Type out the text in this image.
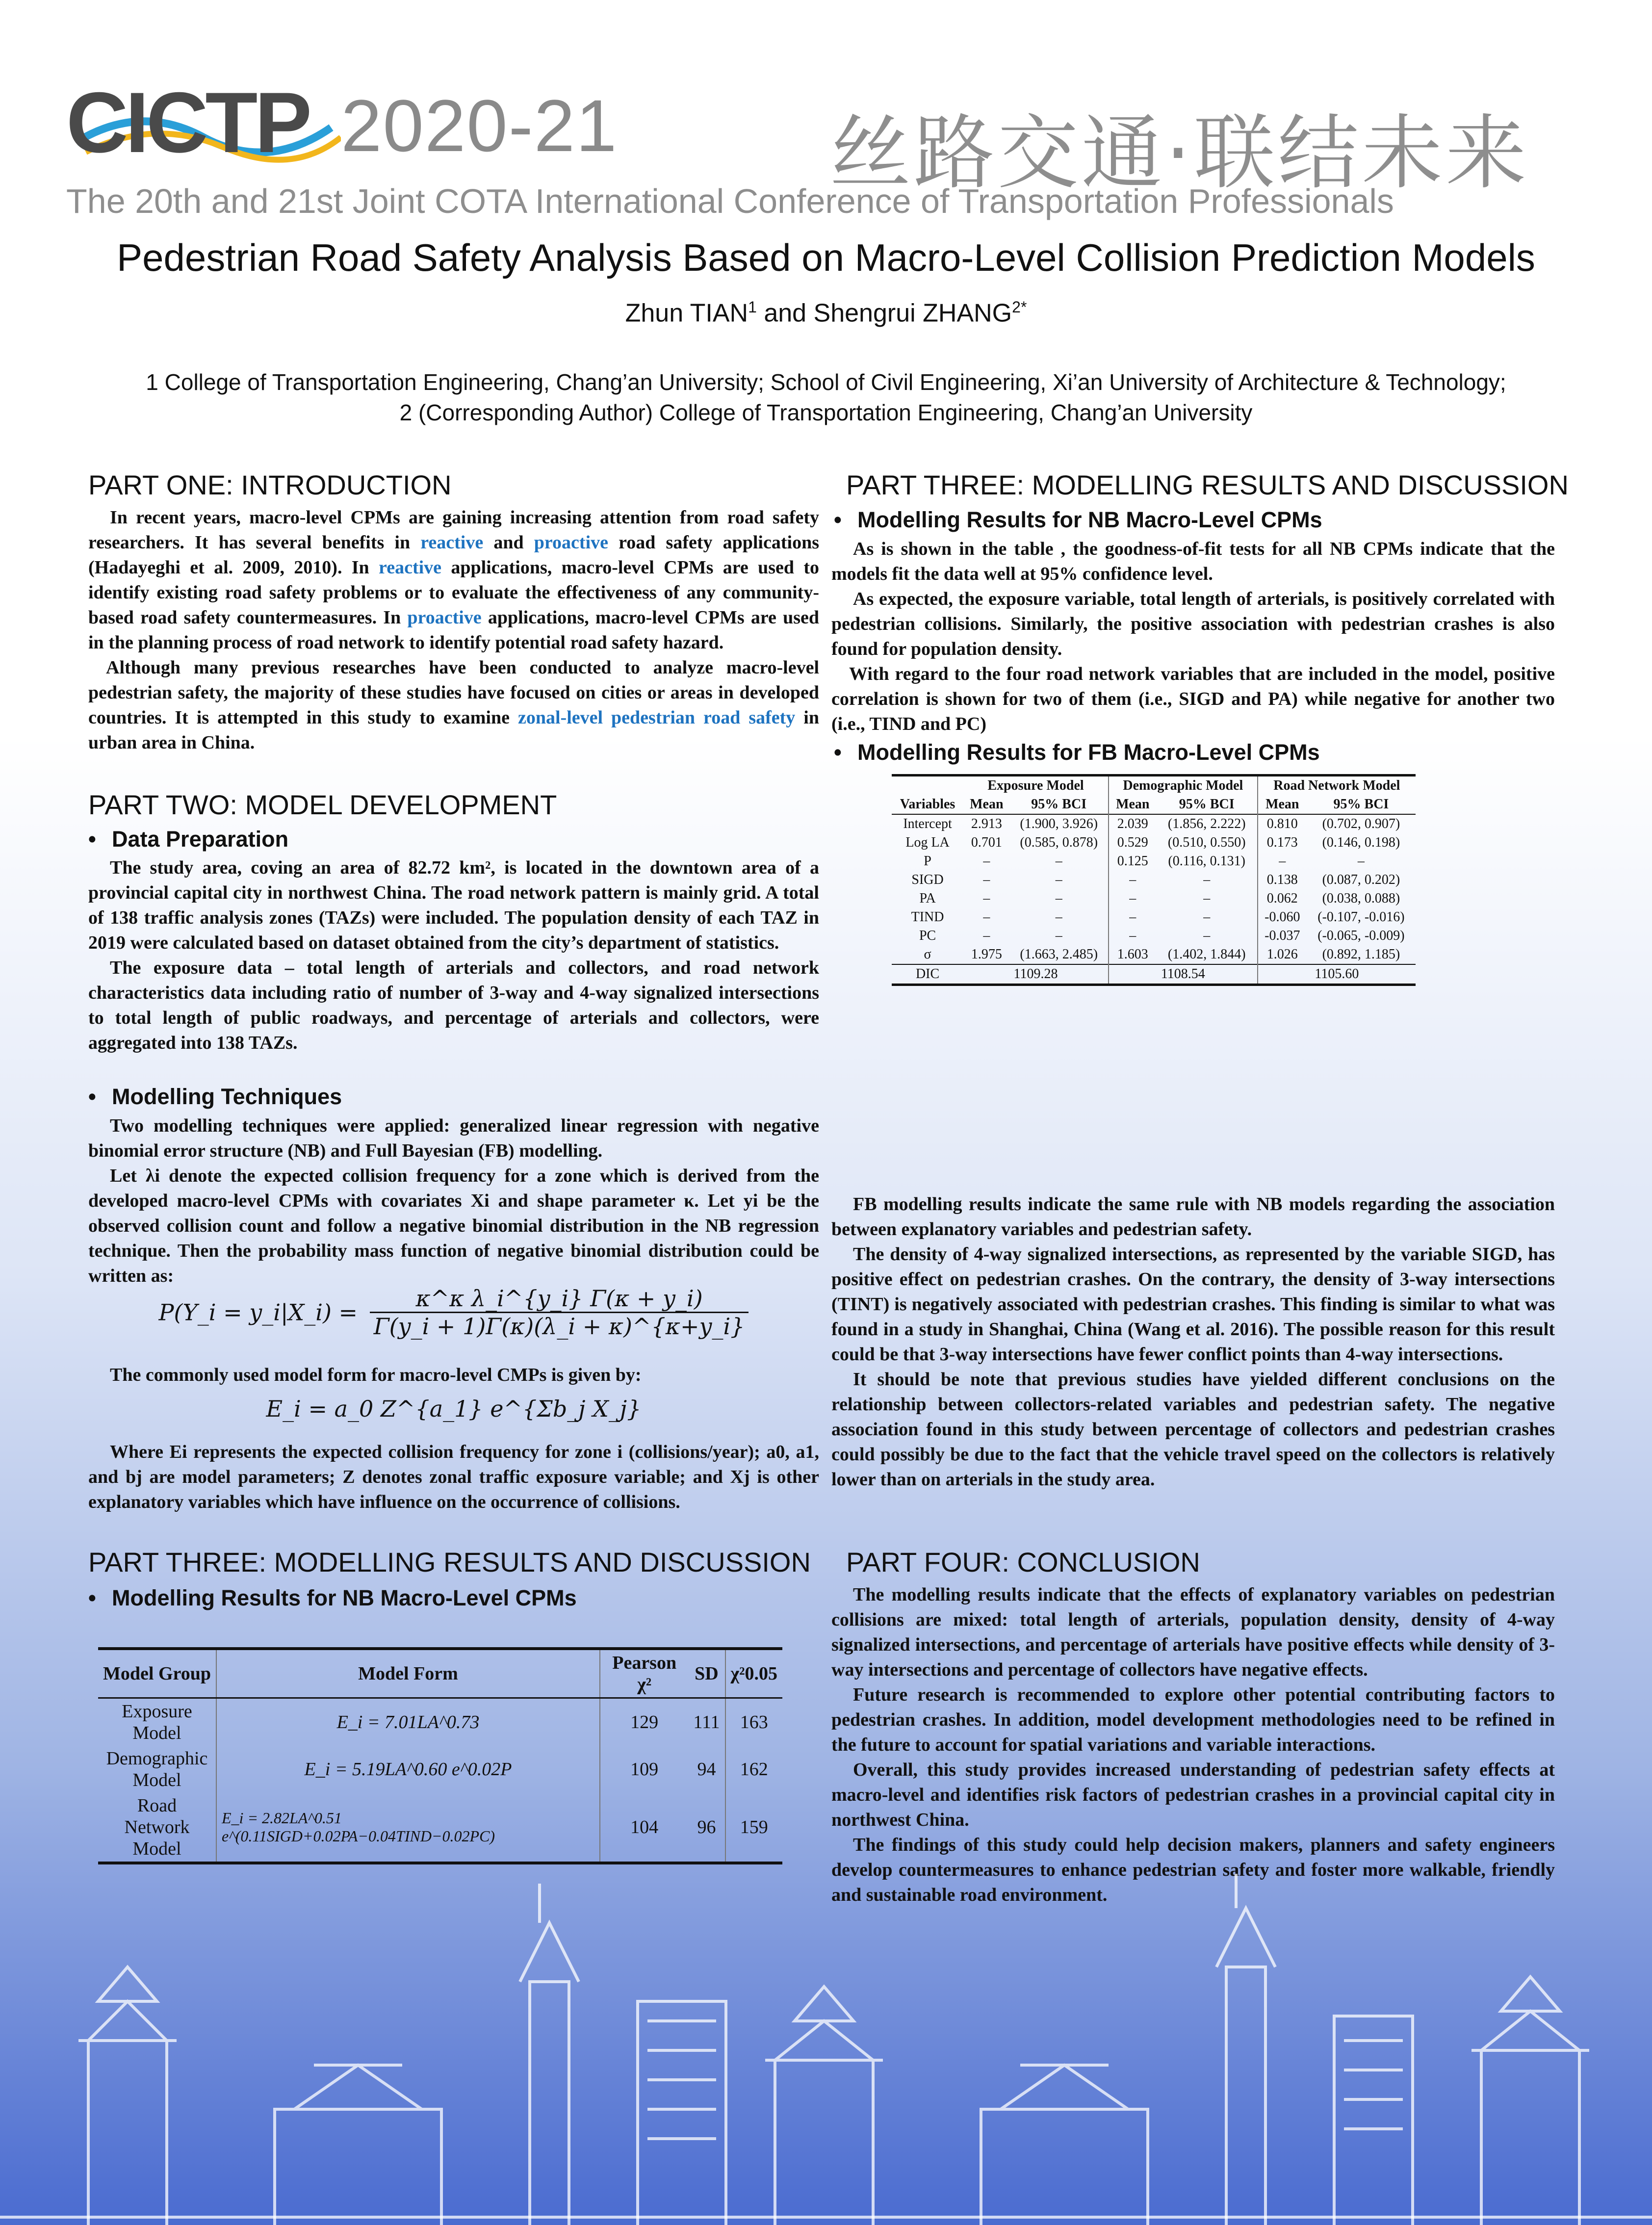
CICTP 2020-21	丝路交通·联结未来
The 20th and 21st Joint COTA International Conference of Transportation Professionals
Pedestrian Road Safety Analysis Based on Macro-Level Collision Prediction Models
Zhun TIAN$^1$ and Shengrui $ZHANG^{2*}$
1 College of Transportation Engineering, Chang’an University; School of Civil Engineering, Xi’an University of Architecture & Technology;
2 (Corresponding Author) College of Transportation Engineering, Chang’an University
PART ONE: INTRODUCTION

In recent years, macro-level CPMs are gaining increasing attention from road safety researchers. It has several benefits in reactive and proactive road safety applications (Hadayeghi et al. 2009, 2010). In reactive applications, macro-level CPMs are used to identify existing road safety problems or to evaluate the effectiveness of any community-based road safety countermeasures. In proactive applications, macro-level CPMs are used in the planning process of road network to identify potential road safety hazard.

Although many previous researches have been conducted to analyze macro-level pedestrian safety, the majority of these studies have focused on cities or areas in developed countries. It is attempted in this study to examine zonal-level pedestrian road safety in urban area in China.

PART TWO: MODEL DEVELOPMENT
• Data Preparation

The study area, coving an area of 82.72 km², is located in the downtown area of a provincial capital city in northwest China. The road network pattern is mainly grid. A total of 138 traffic analysis zones (TAZs) were included. The population density of each TAZ in 2019 were calculated based on dataset obtained from the city’s department of statistics.

The exposure data – total length of arterials and collectors, and road network characteristics data including ratio of number of 3-way and 4-way signalized intersections to total length of public roadways, and percentage of arterials and collectors, were aggregated into 138 TAZs.

• Modelling Techniques

Two modelling techniques were applied: generalized linear regression with negative binomial error structure (NB) and Full Bayesian (FB) modelling.

Let λi denote the expected collision frequency for a zone which is derived from the developed macro-level CPMs with covariates Xi and shape parameter κ. Let yi be the observed collision count and follow a negative binomial distribution in the NB regression technique. Then the probability mass function of negative binomial distribution could be written as:

P(Y_i = y_i|X_i) = $\frac{\text{κ\textasciicircum{}κ λ\_i\textasciicircum{}\{y\_i\} Γ(κ + y\_i)}}{\Gamma(y\_i + 1)\Gamma(\kappa)(\lambda\_i + \kappa)\^{}\{\kappa+y\_i\}}$

The commonly used model form for macro-level CMPs is given by:

E_i = a_0 Z^{a_1} e^{Σb_j X_j}

Where Ei represents the expected collision frequency for zone i (collisions/year); a0, a1, and bj are model parameters; Z denotes zonal traffic exposure variable; and Xj is other explanatory variables which have influence on the occurrence of collisions.

PART THREE: MODELLING RESULTS AND DISCUSSION
• Modelling Results for NB Macro-Level CPMs
Model Group	Model Form	Pearson χ²	SD	χ²0.05
Exposure Model	E_i = 7.01LA^0.73	129	111	163
Demographic Model	E_i = 5.19LA^0.60 e^0.02P	109	94	162
Road Network Model	E_i = 2.82LA^0.51 e^(0.11SIGD+0.02PA−0.04TIND−0.02PC)	104	96	159
PART THREE: MODELLING RESULTS AND DISCUSSION
• Modelling Results for NB Macro-Level CPMs

As is shown in the table , the goodness-of-fit tests for all NB CPMs indicate that the models fit the data well at 95% confidence level.

As expected, the exposure variable, total length of arterials, is positively correlated with pedestrian collisions. Similarly, the positive association with pedestrian crashes is also found for population density.

With regard to the four road network variables that are included in the model, positive correlation is shown for two of them (i.e., SIGD and PA) while negative for another two (i.e., TIND and PC)

• Modelling Results for FB Macro-Level CPMs
Variables	Exposure Model		Demographic Model		Road Network Model	
	Mean	95% BCI	Mean	95% BCI	Mean	95% BCI
Intercept	2.913	(1.900, 3.926)	2.039	(1.856, 2.222)	0.810	(0.702, 0.907)
Log LA	0.701	(0.585, 0.878)	0.529	(0.510, 0.550)	0.173	(0.146, 0.198)
P	–	–	0.125	(0.116, 0.131)	–	–
SIGD	–	–	–	–	0.138	(0.087, 0.202)
PA	–	–	–	–	0.062	(0.038, 0.088)
TIND	–	–	–	–	-0.060	(-0.107, -0.016)
PC	–	–	–	–	-0.037	(-0.065, -0.009)
σ	1.975	(1.663, 2.485)	1.603	(1.402, 1.844)	1.026	(0.892, 1.185)
DIC	1109.28		1108.54		1105.60	

FB modelling results indicate the same rule with NB models regarding the association between explanatory variables and pedestrian safety.

The density of 4-way signalized intersections, as represented by the variable SIGD, has positive effect on pedestrian crashes. On the contrary, the density of 3-way intersections (TINT) is negatively associated with pedestrian crashes. This finding is similar to what was found in a study in Shanghai, China (Wang et al. 2016). The possible reason for this result could be that 3-way intersections have fewer conflict points than 4-way intersections.

It should be note that previous studies have yielded different conclusions on the relationship between collectors-related variables and pedestrian safety. The negative association found in this study between percentage of collectors and pedestrian crashes could possibly be due to the fact that the vehicle travel speed on the collectors is relatively lower than on arterials in the study area.

PART FOUR: CONCLUSION

The modelling results indicate that the effects of explanatory variables on pedestrian collisions are mixed: total length of arterials, population density, density of 4-way signalized intersections, and percentage of arterials have positive effects while density of 3-way intersections and percentage of collectors have negative effects.

Future research is recommended to explore other potential contributing factors to pedestrian crashes. In addition, model development methodologies need to be refined in the future to account for spatial variations and variable interactions.

Overall, this study provides increased understanding of pedestrian safety effects at macro-level and identifies risk factors of pedestrian crashes in a provincial capital city in northwest China.

The findings of this study could help decision makers, planners and safety engineers develop countermeasures to enhance pedestrian safety and foster more walkable, friendly and sustainable road environment.
